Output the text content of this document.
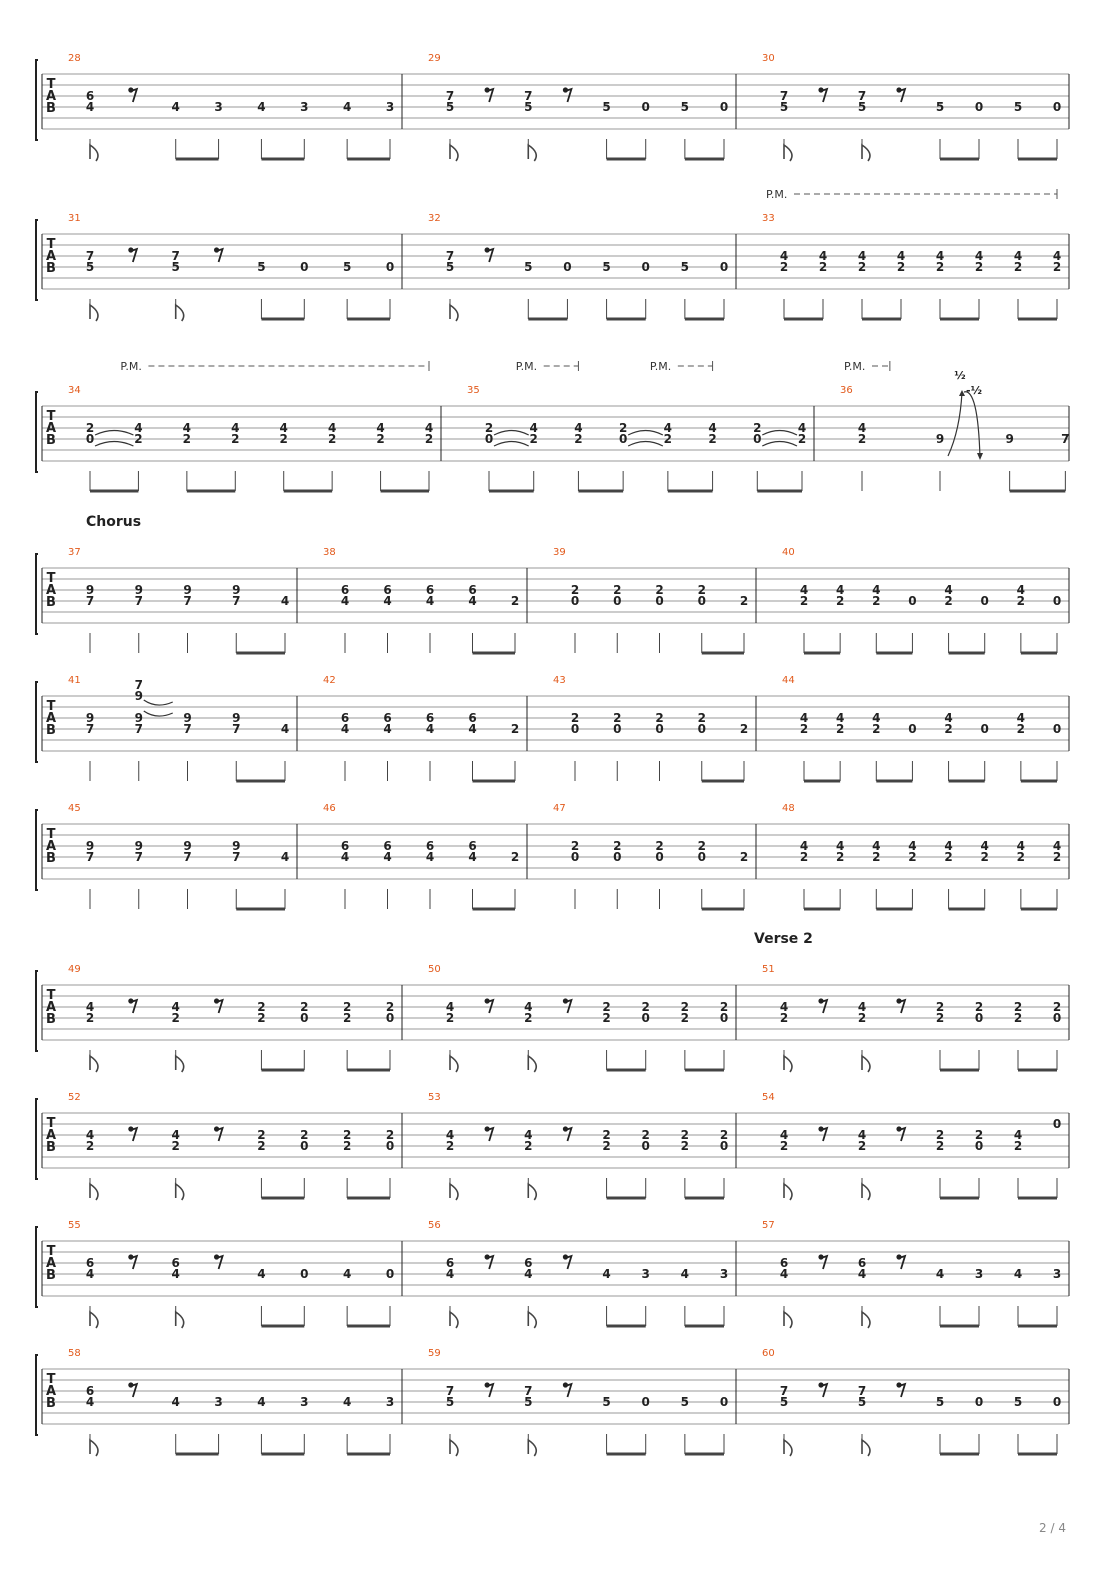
T
A
B
28
6
4	4	3	4	3	4	3
29
7
5
7
5	5	0	5	0
30
7
5
7
5	5	0	5	0
T
A
B
31
7
5
7
5	5	0	5	0
32
7
5	5	0	5	0	5	0
33
4
2
4
2
4
2
4
2
4
2
4
2
4
2
4
2
P.M.
T
A
B
34
2
0
4
2
4
2
4
2
4
2
4
2
4
2
4
2
35
2
0
4
2
4
2
2
0
4
2
4
2
2
0
4
2
36
4
2	9	9	7
½
-½
P.M.	P.M.	P.M.	P.M.
T
A
B
Chorus
37
9
7
9
7
9
7
9
7	4
38
6
4
6
4
6
4
6
4	2
39
2
0
2
0
2
0
2
0	2
40
4
2
4
2
4
2 0
4
2 0
4
2 0
T
A
B
41
9
7
7
9
9
7
9
7
9
7	4
42
6
4
6
4
6
4
6
4	2
43
2
0
2
0
2
0
2
0	2
44
4
2
4
2
4
2 0
4
2 0
4
2 0
T
A
B
45
9
7
9
7
9
7
9
7	4
46
6
4
6
4
6
4
6
4	2
47
2
0
2
0
2
0
2
0	2
48
4
2
4
2
4
2
4
2
4
2
4
2
4
2
4
2
T
A
B
Verse 2
49
4
2
4
2
2
2
2
0
2
2
2
0
50
4
2
4
2
2
2
2
0
2
2
2
0
51
4
2
4
2
2
2
2
0
2
2
2
0
T
A
B
52
4
2
4
2
2
2
2
0
2
2
2
0
53
4
2
4
2
2
2
2
0
2
2
2
0
54
4
2
4
2
2
2
2
0
4
2
0
T
A
B
55
6
4
6
4	4	0	4	0
56
6
4
6
4	4	3	4	3
57
6
4
6
4	4	3	4	3
T
A
B
58
6
4	4	3	4	3	4	3
59
7
5
7
5	5	0	5	0
60
7
5
7
5	5	0	5	0
2 / 4
